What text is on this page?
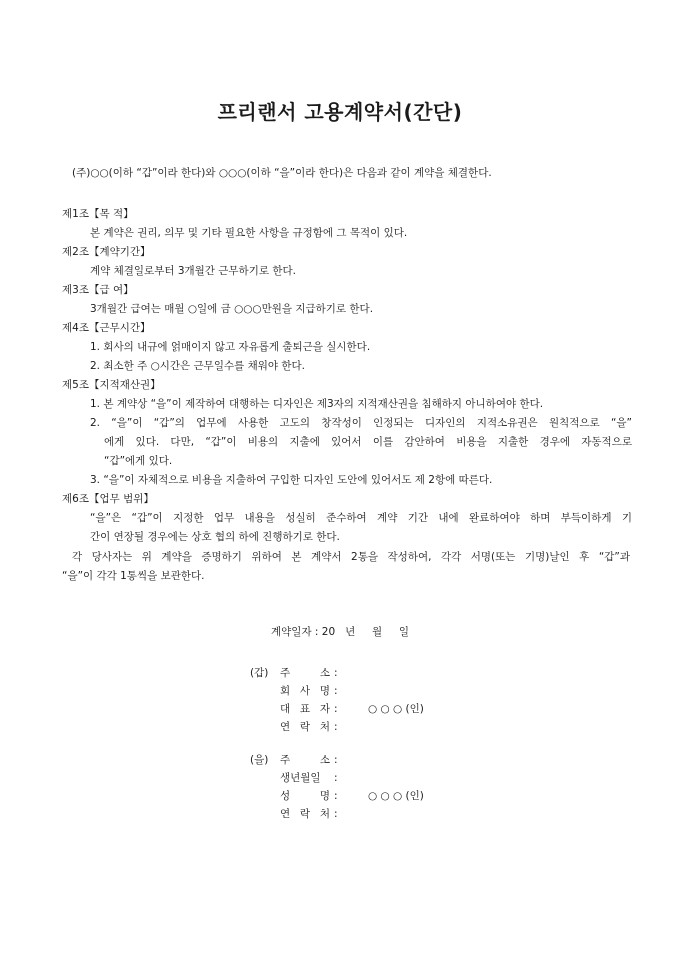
프리랜서 고용계약서(간단)
(주)○○(이하 “갑”이라 한다)와 ○○○(이하 “을”이라 한다)은 다음과 같이 계약을 체결한다.
제1조【목 적】

본 계약은 권리, 의무 및 기타 필요한 사항을 규정함에 그 목적이 있다.

제2조【계약기간】

계약 체결일로부터 3개월간 근무하기로 한다.

제3조【급 여】

3개월간 급여는 매월 ○일에 금 ○○○만원을 지급하기로 한다.

제4조【근무시간】
1. 회사의 내규에 얽매이지 않고 자유롭게 출퇴근을 실시한다.
2. 최소한 주 ○시간은 근무일수를 채워야 한다.
제5조【지적재산권】
1. 본 계약상 “을”이 제작하여 대행하는 디자인은 제3자의 지적재산권을 침해하지 아니하여야 한다.
2. “을”이 “갑”의 업무에 사용한 고도의 창작성이 인정되는 디자인의 지적소유권은 원칙적으로 “을”
에게 있다. 다만, “갑”이 비용의 지출에 있어서 이를 감안하여 비용을 지출한 경우에 자동적으로
“갑”에게 있다.
3. “을”이 자체적으로 비용을 지출하여 구입한 디자인 도안에 있어서도 제 2항에 따른다.
제6조【업무 범위】

“을”은 “갑”이 지정한 업무 내용을 성실히 준수하여 계약 기간 내에 완료하여야 하며 부득이하게 기

간이 연장될 경우에는 상호 협의 하에 진행하기로 한다.

각 당사자는 위 계약을 증명하기 위하여 본 계약서 2통을 작성하여, 각각 서명(또는 기명)날인 후 “갑”과
“을”이 각각 1통씩을 보관한다.
계약일자 : 20   년     월     일
(갑)	주 소 :
회 사 명 :
대 표 자 :	○ ○ ○ (인)
연 락 처 :
(을)	주 소 :
생년월일	:
성 명 :	○ ○ ○ (인)
연 락 처 :
